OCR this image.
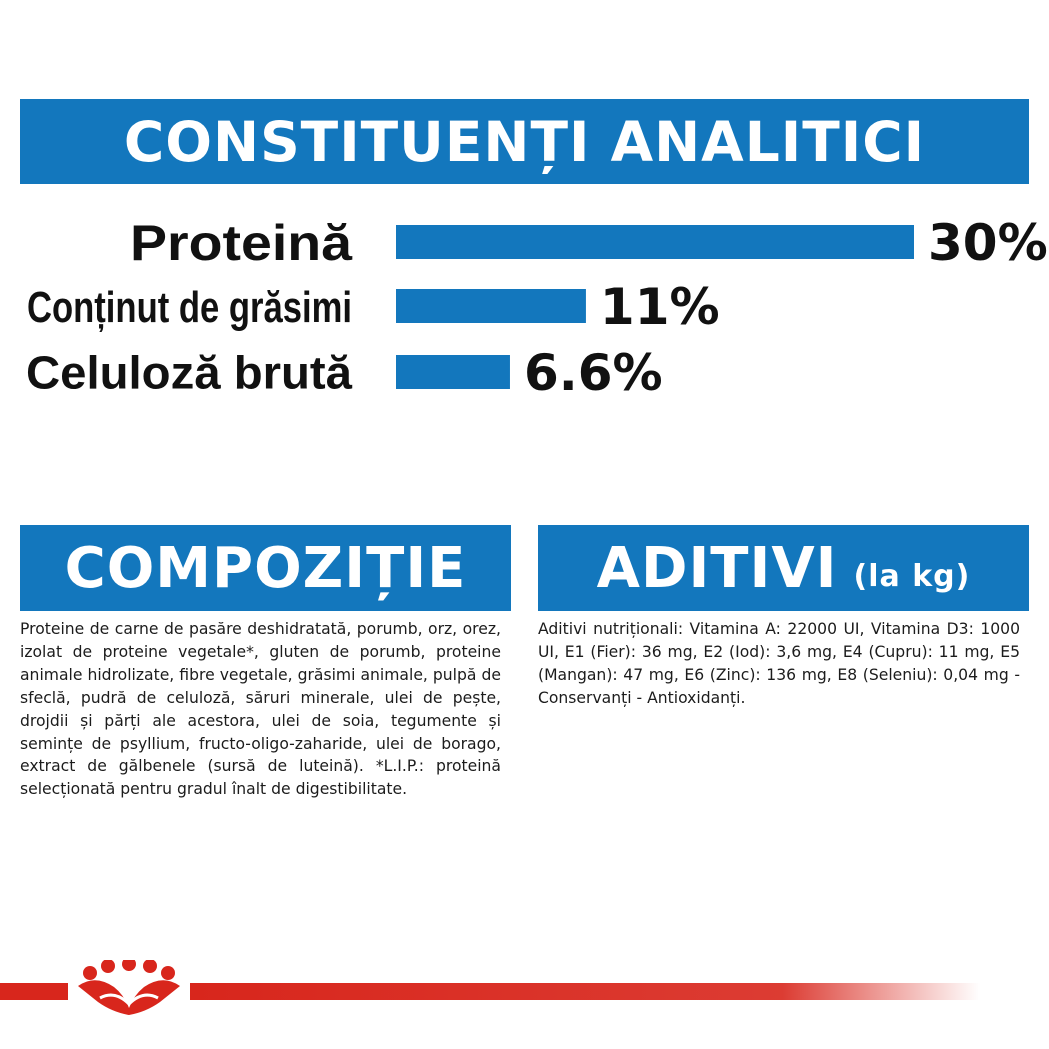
CONSTITUENȚI ANALITICI
Proteină	30%
Conținut de grăsimi	11%
Celuloză brută	6.6%
COMPOZIȚIE
Proteine de carne de pasăre deshidratată, porumb, orz, orez, izolat de proteine vegetale*, gluten de porumb, proteine animale hidrolizate, fibre vegetale, grăsimi animale, pulpă de sfeclă, pudră de celuloză, săruri minerale, ulei de pește, drojdii și părți ale acestora, ulei de soia, tegumente și semințe de psyllium, fructo-oligo-zaharide, ulei de borago, extract de gălbenele (sursă de luteină). *L.I.P.: proteină selecționată pentru gradul înalt de digestibilitate.
ADITIVI (la kg)
Aditivi nutriționali: Vitamina A: 22000 UI, Vitamina D3: 1000 UI, E1 (Fier): 36 mg, E2 (Iod): 3,6 mg, E4 (Cupru): 11 mg, E5 (Mangan): 47 mg, E6 (Zinc): 136 mg, E8 (Seleniu): 0,04 mg - Conservanți - Antioxidanți.
